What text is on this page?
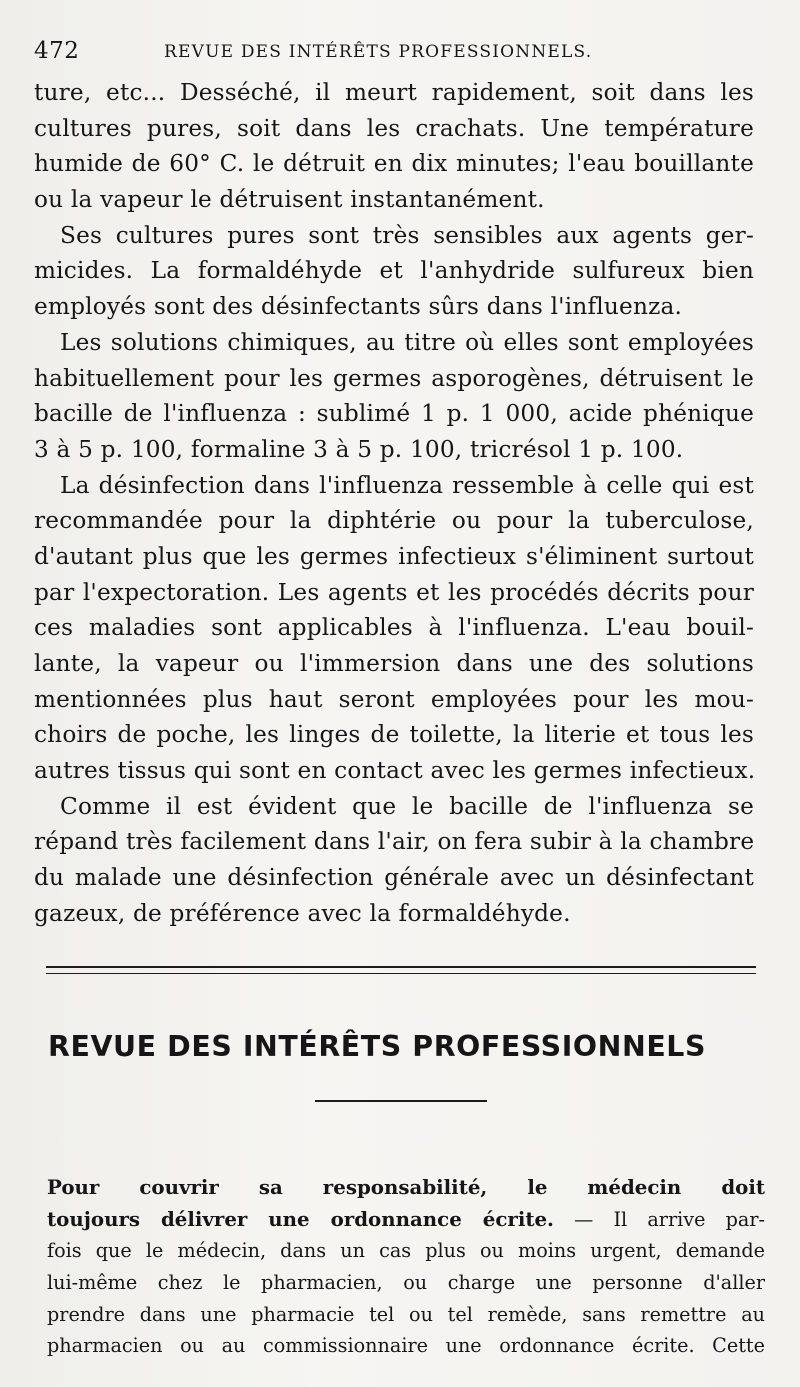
472	REVUE DES INTÉRÊTS PROFESSIONNELS.
ture, etc... Desséché, il meurt rapidement, soit dans les
cultures pures, soit dans les crachats. Une température
humide de 60° C. le détruit en dix minutes; l'eau bouillante
ou la vapeur le détruisent instantanément.
Ses cultures pures sont très sensibles aux agents ger-
micides. La formaldéhyde et l'anhydride sulfureux bien
employés sont des désinfectants sûrs dans l'influenza.
Les solutions chimiques, au titre où elles sont employées
habituellement pour les germes asporogènes, détruisent le
bacille de l'influenza : sublimé 1 p. 1 000, acide phénique
3 à 5 p. 100, formaline 3 à 5 p. 100, tricrésol 1 p. 100.
La désinfection dans l'influenza ressemble à celle qui est
recommandée pour la diphtérie ou pour la tuberculose,
d'autant plus que les germes infectieux s'éliminent surtout
par l'expectoration. Les agents et les procédés décrits pour
ces maladies sont applicables à l'influenza. L'eau bouil-
lante, la vapeur ou l'immersion dans une des solutions
mentionnées plus haut seront employées pour les mou-
choirs de poche, les linges de toilette, la literie et tous les
autres tissus qui sont en contact avec les germes infectieux.
Comme il est évident que le bacille de l'influenza se
répand très facilement dans l'air, on fera subir à la chambre
du malade une désinfection générale avec un désinfectant
gazeux, de préférence avec la formaldéhyde.
REVUE DES INTÉRÊTS PROFESSIONNELS
Pour couvrir sa responsabilité, le médecin doit
toujours délivrer une ordonnance écrite. — Il arrive par-
fois que le médecin, dans un cas plus ou moins urgent, demande
lui-même chez le pharmacien, ou charge une personne d'aller
prendre dans une pharmacie tel ou tel remède, sans remettre au
pharmacien ou au commissionnaire une ordonnance écrite. Cette
